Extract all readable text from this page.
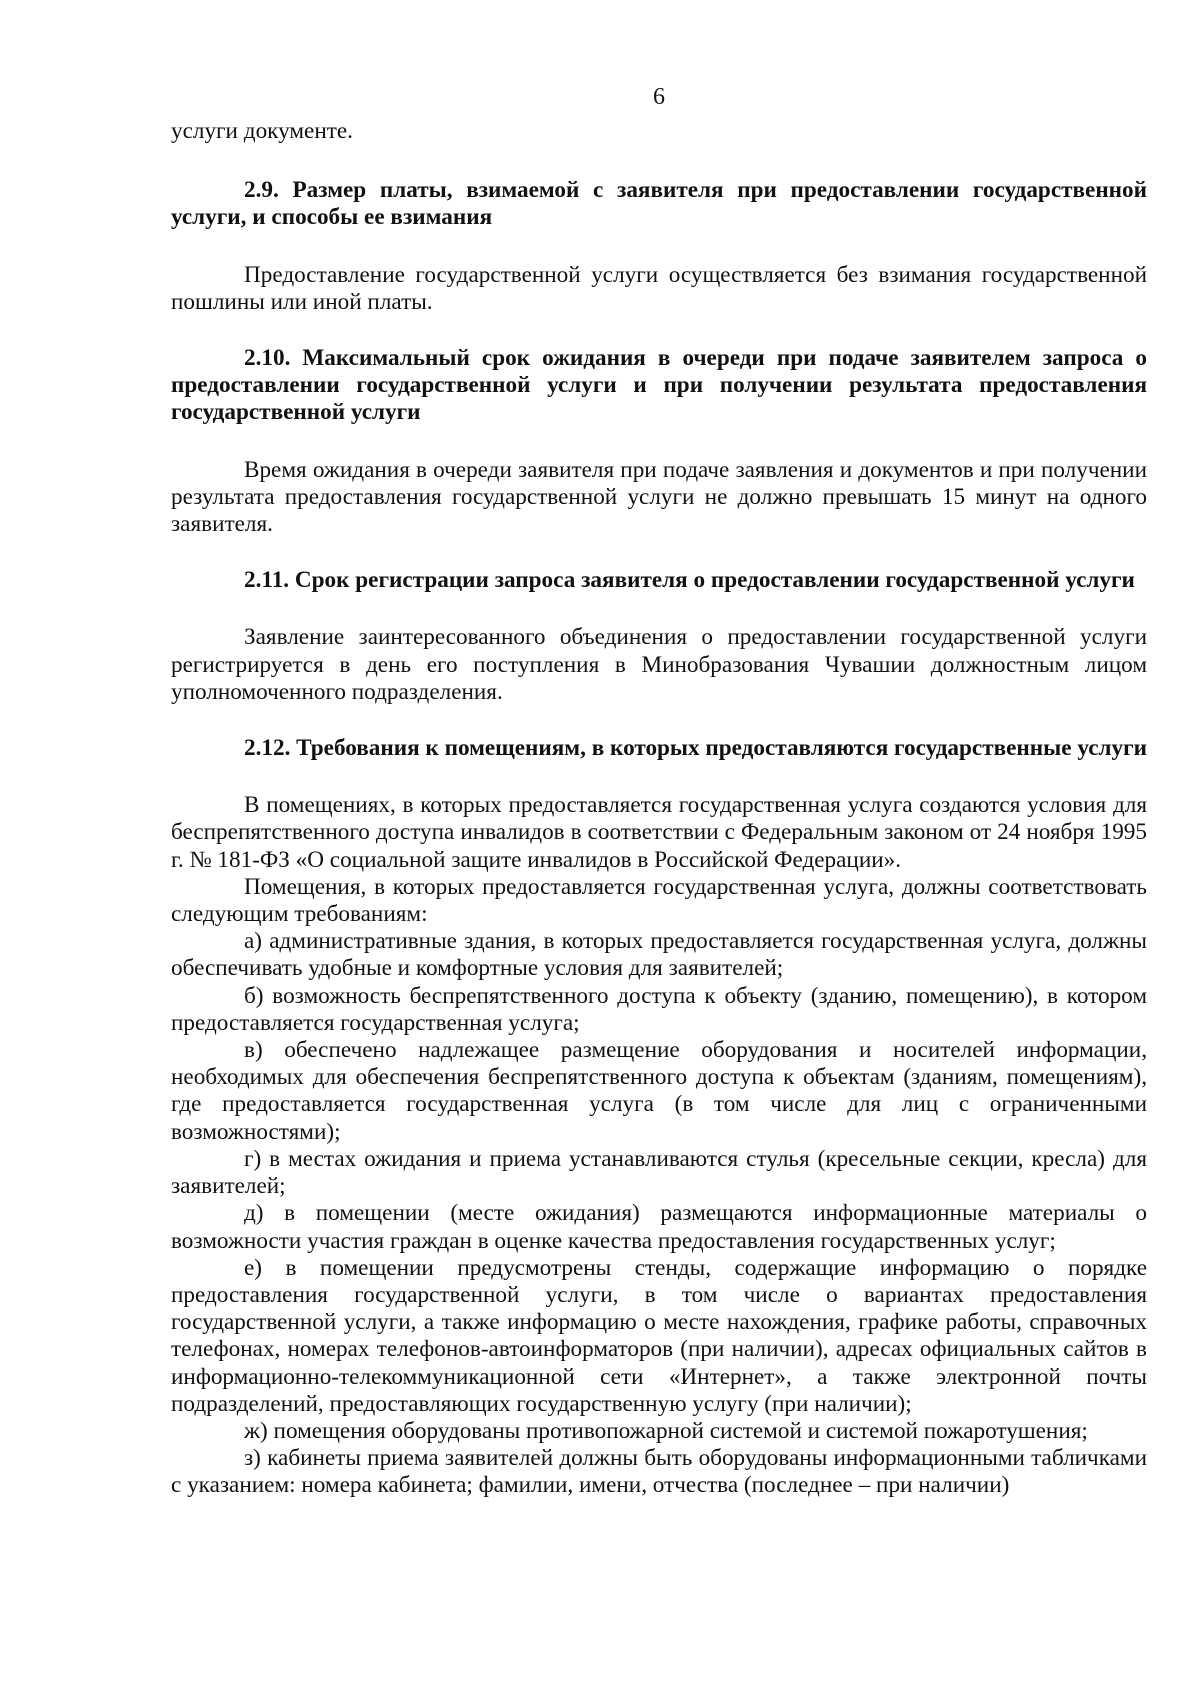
6

услуги документе.

2.9. Размер платы, взимаемой с заявителя при предоставлении государственной услуги, и способы ее взимания

Предоставление государственной услуги осуществляется без взимания государственной пошлины или иной платы.

2.10. Максимальный срок ожидания в очереди при подаче заявителем запроса о предоставлении государственной услуги и при получении результата предоставления государственной услуги

Время ожидания в очереди заявителя при подаче заявления и документов и при получении результата предоставления государственной услуги не должно превышать 15 минут на одного заявителя.

2.11. Срок регистрации запроса заявителя о предоставлении государственной услуги

Заявление заинтересованного объединения о предоставлении государственной услуги регистрируется в день его поступления в Минобразования Чувашии должностным лицом уполномоченного подразделения.

2.12. Требования к помещениям, в которых предоставляются государственные услуги

В помещениях, в которых предоставляется государственная услуга создаются условия для беспрепятственного доступа инвалидов в соответствии с Федеральным законом от 24 ноября 1995 г. № 181-ФЗ «О социальной защите инвалидов в Российской Федерации».

Помещения, в которых предоставляется государственная услуга, должны соответствовать следующим требованиям:

а) административные здания, в которых предоставляется государственная услуга, должны обеспечивать удобные и комфортные условия для заявителей;

б) возможность беспрепятственного доступа к объекту (зданию, помещению), в котором предоставляется государственная услуга;

в) обеспечено надлежащее размещение оборудования и носителей информации, необходимых для обеспечения беспрепятственного доступа к объектам (зданиям, помещениям), где предоставляется государственная услуга (в том числе для лиц с ограниченными возможностями);

г) в местах ожидания и приема устанавливаются стулья (кресельные секции, кресла) для заявителей;

д) в помещении (месте ожидания) размещаются информационные материалы о возможности участия граждан в оценке качества предоставления государственных услуг;

е) в помещении предусмотрены стенды, содержащие информацию о порядке предоставления государственной услуги, в том числе о вариантах предоставления государственной услуги, а также информацию о месте нахождения, графике работы, справочных телефонах, номерах телефонов-автоинформаторов (при наличии), адресах официальных сайтов в информационно-телекоммуникационной сети «Интернет», а также электронной почты подразделений, предоставляющих государственную услугу (при наличии);

ж) помещения оборудованы противопожарной системой и системой пожаротушения;

з) кабинеты приема заявителей должны быть оборудованы информационными табличками с указанием: номера кабинета; фамилии, имени, отчества (последнее – при наличии)
